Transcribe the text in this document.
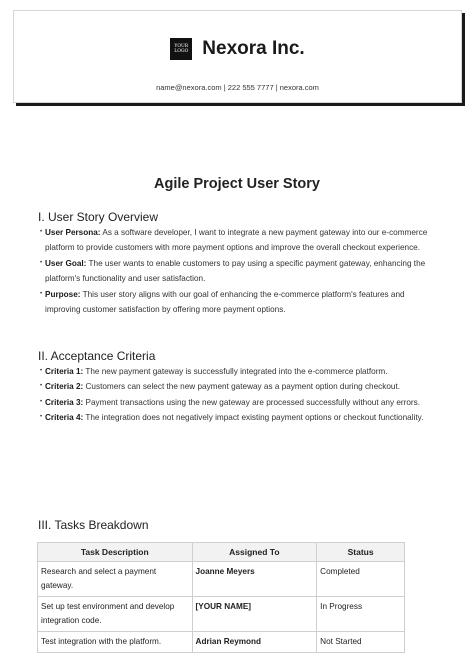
YOUR
LOGO Nexora Inc.
name@nexora.com | 222 555 7777 | nexora.com
Agile Project User Story
I. User Story Overview
• User Persona: As a software developer, I want to integrate a new payment gateway into our e-commerce platform to provide customers with more payment options and improve the overall checkout experience.
• User Goal: The user wants to enable customers to pay using a specific payment gateway, enhancing the platform's functionality and user satisfaction.
• Purpose: This user story aligns with our goal of enhancing the e-commerce platform's features and improving customer satisfaction by offering more payment options.
II. Acceptance Criteria
• Criteria 1: The new payment gateway is successfully integrated into the e-commerce platform.
• Criteria 2: Customers can select the new payment gateway as a payment option during checkout.
• Criteria 3: Payment transactions using the new gateway are processed successfully without any errors.
• Criteria 4: The integration does not negatively impact existing payment options or checkout functionality.
III. Tasks Breakdown
Task Description	Assigned To	Status
Research and select a payment gateway.	Joanne Meyers	Completed
Set up test environment and develop integration code.	[YOUR NAME]	In Progress
Test integration with the platform.	Adrian Reymond	Not Started
